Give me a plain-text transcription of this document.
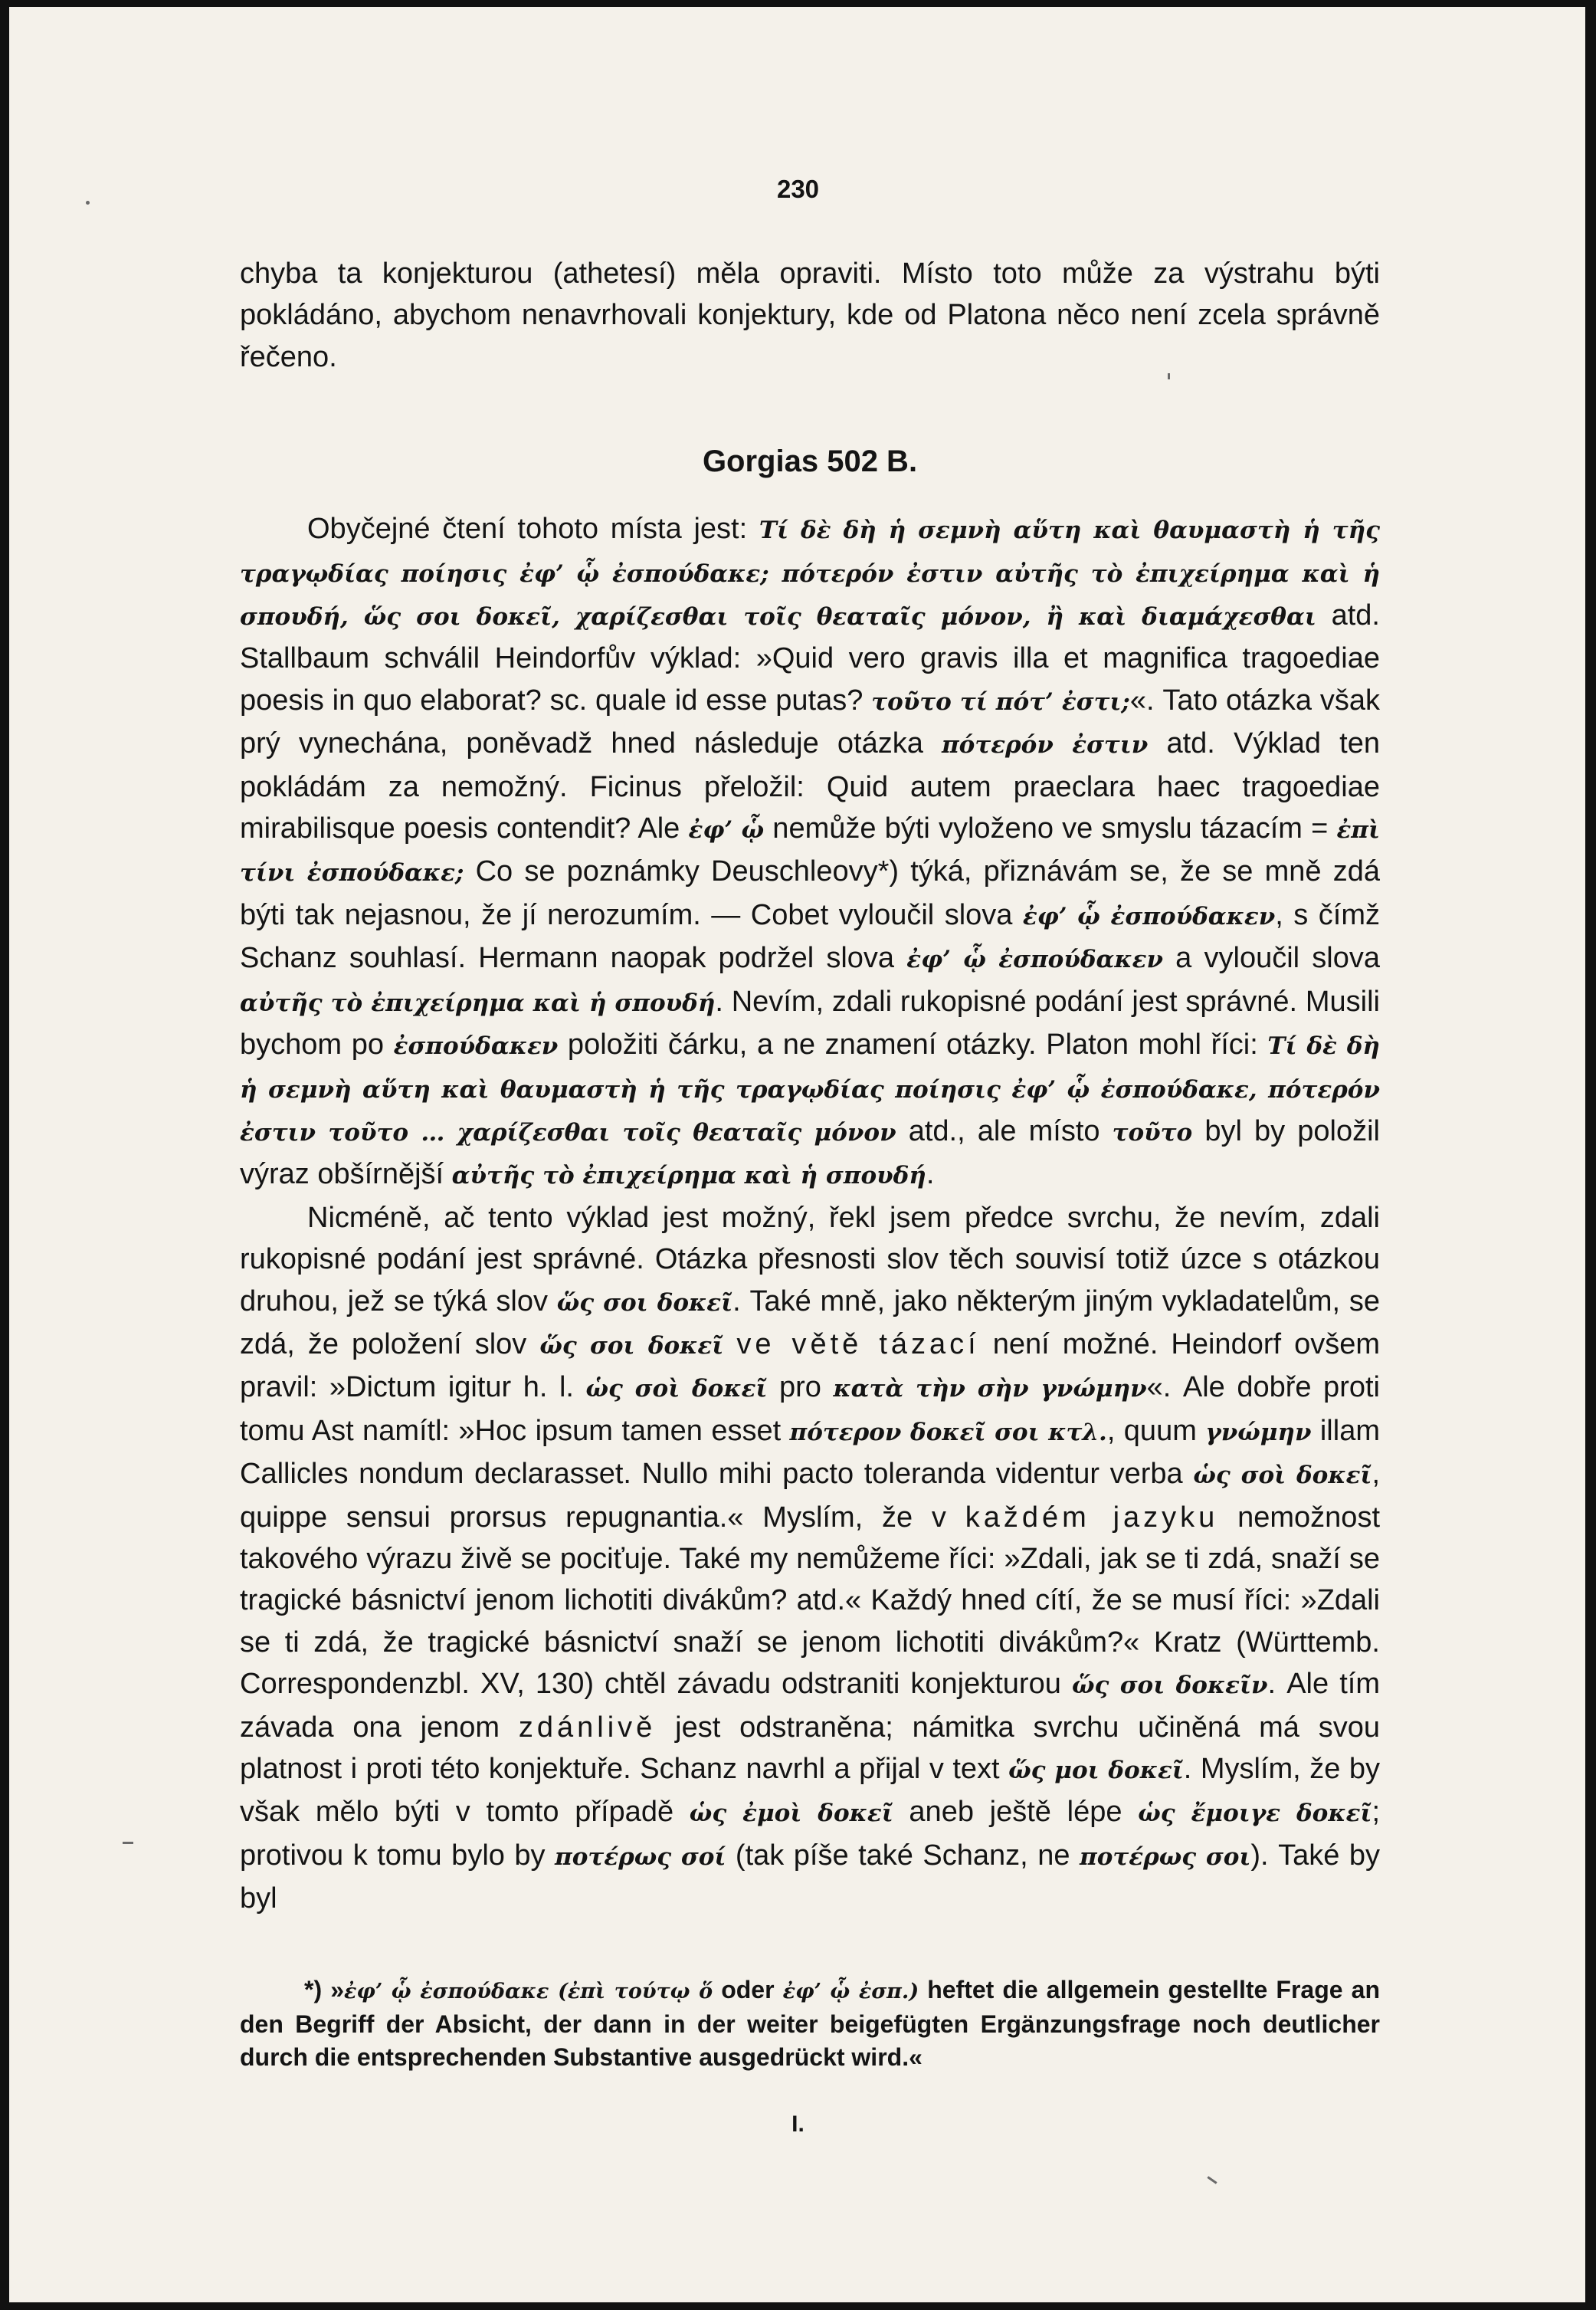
230

chyba ta konjekturou (athetesí) měla opraviti. Místo toto může za výstrahu býti pokládáno, abychom nenavrhovali konjektury, kde od Platona něco není zcela správně řečeno.

Gorgias 502 B.

Obyčejné čtení tohoto místa jest: Τί δὲ δὴ ἡ σεμνὴ αὕτη καὶ θαυμαστὴ ἡ τῆς τραγῳδίας ποίησις ἐφ’ ᾧ ἐσπούδακε; πότερόν ἐστιν αὐτῆς τὸ ἐπιχείρημα καὶ ἡ σπουδή, ὥς σοι δοκεῖ, χαρίζεσθαι τοῖς θεαταῖς μόνον, ἢ καὶ διαμάχεσθαι atd. Stallbaum schválil Heindorfův výklad: »Quid vero gravis illa et magnifica tragoediae poesis in quo elaborat? sc. quale id esse putas? τοῦτο τί πότ’ ἐστι;«. Tato otázka však prý vynechána, poněvadž hned následuje otázka πότερόν ἐστιν atd. Výklad ten pokládám za nemožný. Ficinus přeložil: Quid autem praeclara haec tragoediae mirabilisque poesis contendit? Ale ἐφ’ ᾧ nemůže býti vyloženo ve smyslu tázacím = ἐπὶ τίνι ἐσπούδακε; Co se poznámky Deuschleovy*) týká, přiznávám se, že se mně zdá býti tak nejasnou, že jí nerozumím. — Cobet vyloučil slova ἐφ’ ᾧ ἐσπούδακεν, s čímž Schanz souhlasí. Hermann naopak podržel slova ἐφ’ ᾧ ἐσπούδακεν a vyloučil slova αὐτῆς τὸ ἐπιχείρημα καὶ ἡ σπουδή. Nevím, zdali rukopisné podání jest správné. Musili bychom po ἐσπούδακεν položiti čárku, a ne znamení otázky. Platon mohl říci: Τί δὲ δὴ ἡ σεμνὴ αὕτη καὶ θαυμαστὴ ἡ τῆς τραγῳδίας ποίησις ἐφ’ ᾧ ἐσπούδακε, πότερόν ἐστιν τοῦτο … χαρίζεσθαι τοῖς θεαταῖς μόνον atd., ale místo τοῦτο byl by položil výraz obšírnější αὐτῆς τὸ ἐπιχείρημα καὶ ἡ σπουδή.

Nicméně, ač tento výklad jest možný, řekl jsem předce svrchu, že nevím, zdali rukopisné podání jest správné. Otázka přesnosti slov těch souvisí totiž úzce s otázkou druhou, jež se týká slov ὥς σοι δοκεῖ. Také mně, jako některým jiným vykladatelům, se zdá, že položení slov ὥς σοι δοκεῖ ve větě tázací není možné. Heindorf ovšem pravil: »Dictum igitur h. l. ὡς σοὶ δοκεῖ pro κατὰ τὴν σὴν γνώμην«. Ale dobře proti tomu Ast namítl: »Hoc ipsum tamen esset πότερον δοκεῖ σοι κτλ., quum γνώμην illam Callicles nondum declarasset. Nullo mihi pacto toleranda videntur verba ὡς σοὶ δοκεῖ, quippe sensui prorsus repugnantia.« Myslím, že v každém jazyku nemožnost takového výrazu živě se pociťuje. Také my nemůžeme říci: »Zdali, jak se ti zdá, snaží se tragické básnictví jenom lichotiti divákům? atd.« Každý hned cítí, že se musí říci: »Zdali se ti zdá, že tragické básnictví snaží se jenom lichotiti divákům?« Kratz (Württemb. Correspondenzbl. XV, 130) chtěl závadu odstraniti konjekturou ὥς σοι δοκεῖν. Ale tím závada ona jenom zdánlivě jest odstraněna; námitka svrchu učiněná má svou platnost i proti této konjektuře. Schanz navrhl a přijal v text ὥς μοι δοκεῖ. Myslím, že by však mělo býti v tomto případě ὡς ἐμοὶ δοκεῖ aneb ještě lépe ὡς ἔμοιγε δοκεῖ; protivou k tomu bylo by ποτέρως σοί (tak píše také Schanz, ne ποτέρως σοι). Také by byl

*) »ἐφ’ ᾧ ἐσπούδακε (ἐπὶ τούτῳ ὅ oder ἐφ’ ᾧ ἐσπ.) heftet die allgemein gestellte Frage an den Begriff der Absicht, der dann in der weiter beigefügten Ergänzungsfrage noch deutlicher durch die entsprechenden Substantive ausgedrückt wird.«

I.
